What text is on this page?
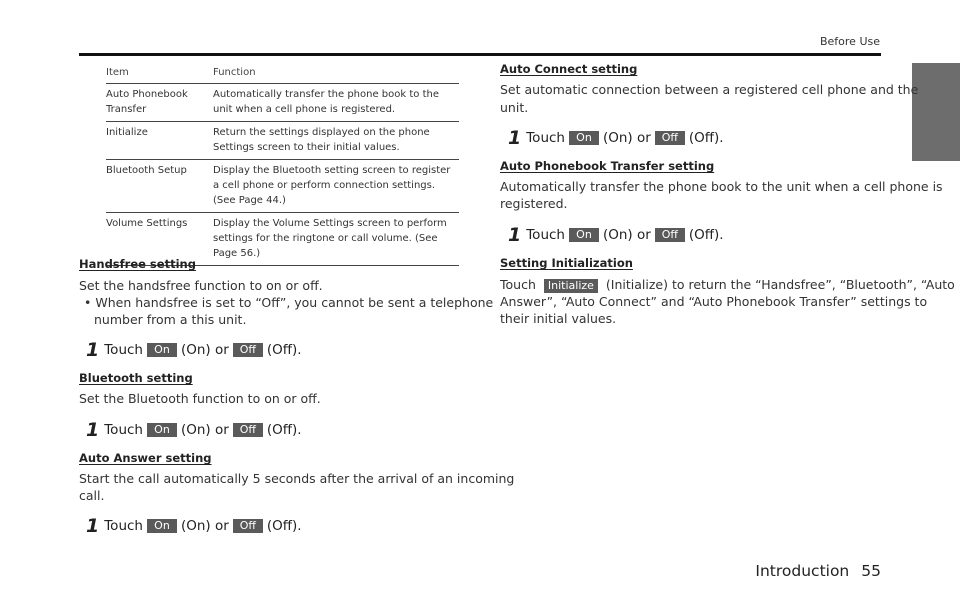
Before Use
Item	Function
Auto Phonebook Transfer	Automatically transfer the phone book to the unit when a cell phone is registered.
Initialize	Return the settings displayed on the phone Settings screen to their initial values.
Bluetooth Setup	Display the Bluetooth setting screen to register a cell phone or perform connection settings. (See Page 44.)
Volume Settings	Display the Volume Settings screen to perform settings for the ringtone or call volume. (See Page 56.)
Handsfree setting
Set the handsfree function to on or off.
• When handsfree is set to “Off”, you cannot be sent a telephone
number from a this unit.
1 Touch	On (On) or Off (Off).
Bluetooth setting
Set the Bluetooth function to on or off.
1 Touch	On (On) or Off (Off).
Auto Answer setting
Start the call automatically 5 seconds after the arrival of an incoming
call.
1 Touch	On (On) or Off (Off).
Auto Connect setting
Set automatic connection between a registered cell phone and the
unit.
1 Touch	On (On) or Off (Off).
Auto Phonebook Transfer setting
Automatically transfer the phone book to the unit when a cell phone is
registered.
1 Touch	On (On) or Off (Off).
Setting Initialization
Touch Initialize (Initialize) to return the “Handsfree”, “Bluetooth”, “Auto
Answer”, “Auto Connect” and “Auto Phonebook Transfer” settings to
their initial values.
Introduction 55
